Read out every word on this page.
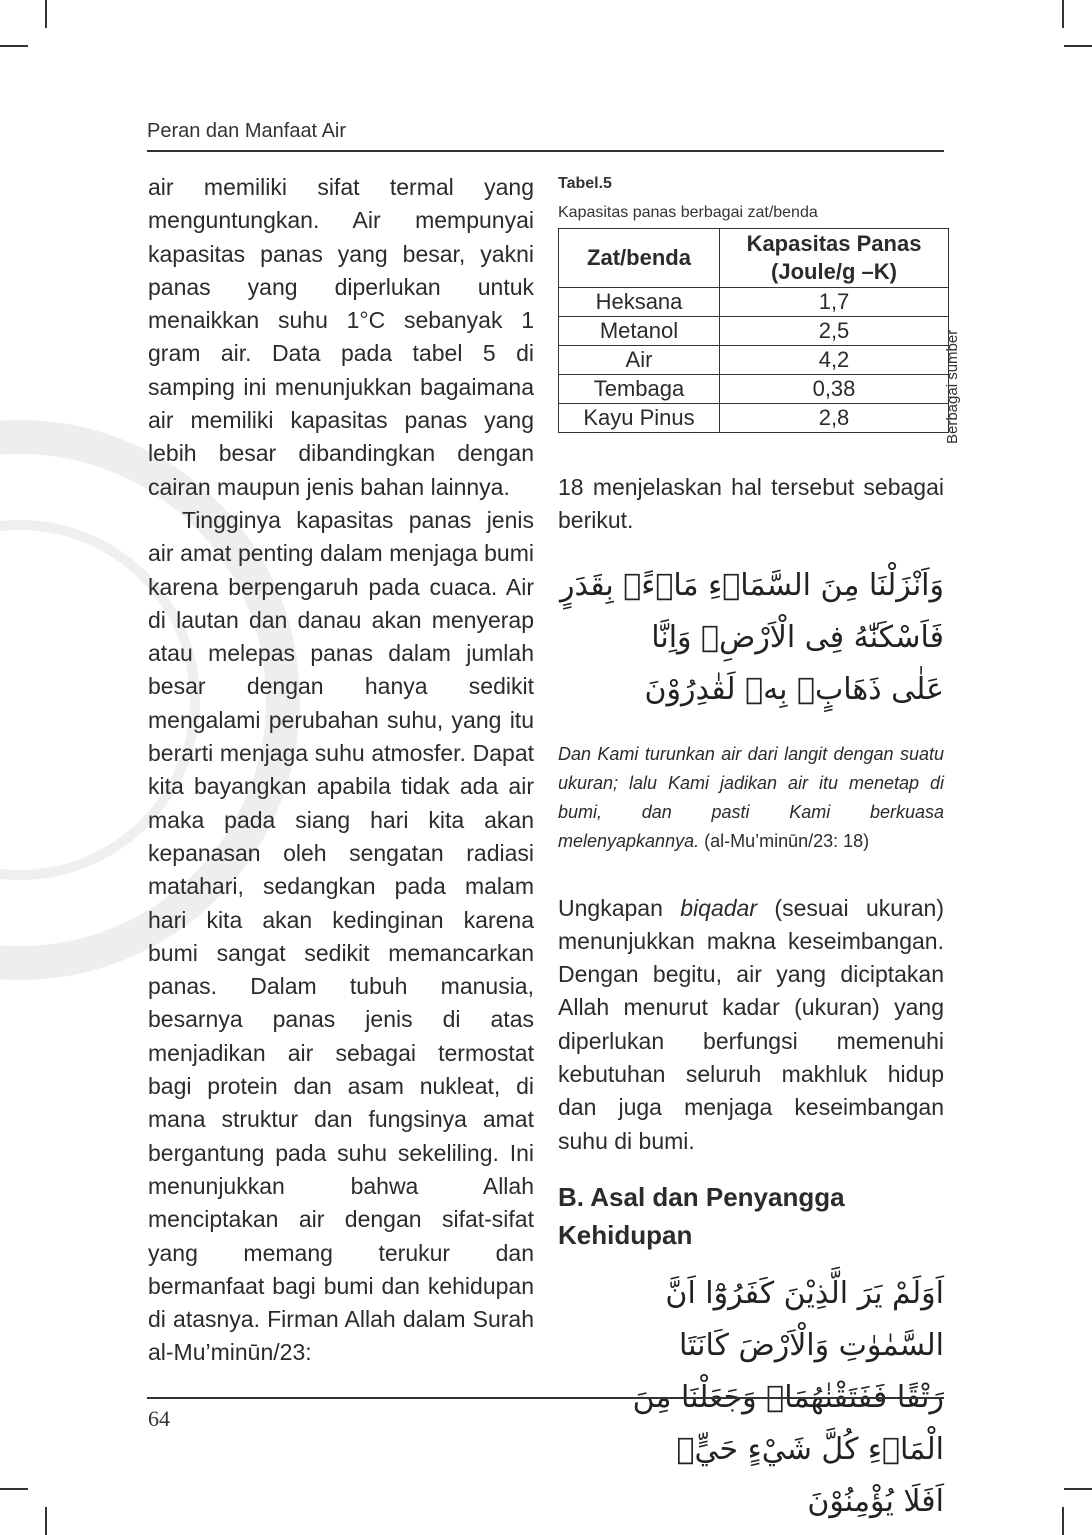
Peran dan Manfaat Air

air memiliki sifat termal yang menguntungkan. Air mempunyai kapasitas panas yang besar, yakni panas yang diperlukan untuk menaikkan suhu 1°C sebanyak 1 gram air. Data pada tabel 5 di samping ini menunjukkan bagaimana air memiliki kapasitas panas yang lebih besar dibandingkan dengan cairan maupun jenis bahan lainnya.

Tingginya kapasitas panas jenis air amat penting dalam menjaga bumi karena berpengaruh pada cuaca. Air di lautan dan danau akan menyerap atau melepas panas dalam jumlah besar dengan hanya sedikit mengalami perubahan suhu, yang itu berarti menjaga suhu atmosfer. Dapat kita bayangkan apabila tidak ada air maka pada siang hari kita akan kepanasan oleh sengatan radiasi matahari, sedangkan pada malam hari kita akan kedinginan karena bumi sangat sedikit memancarkan panas. Dalam tubuh manusia, besarnya panas jenis di atas menjadikan air sebagai termostat bagi protein dan asam nukleat, di mana struktur dan fungsinya amat bergantung pada suhu sekeliling. Ini menunjukkan bahwa Allah menciptakan air dengan sifat-sifat yang memang terukur dan bermanfaat bagi bumi dan kehidupan di atasnya. Firman Allah dalam Surah al-Mu’minūn/23:

Tabel.5

Kapasitas panas berbagai zat/benda

Zat/benda	Kapasitas Panas
(Joule/g –K)
Heksana	1,7
Metanol	2,5
Air	4,2
Tembaga	0,38
Kayu Pinus	2,8

18 menjelaskan hal tersebut sebagai berikut.

وَاَنْزَلْنَا مِنَ السَّمَاۤءِ مَاۤءًۢ بِقَدَرٍ فَاَسْكَنّٰهُ فِى الْاَرْضِۖ وَاِنَّا

عَلٰى ذَهَابٍۢ بِهٖ لَقٰدِرُوْنَ

Dan Kami turunkan air dari langit dengan suatu ukuran; lalu Kami jadikan air itu menetap di bumi, dan pasti Kami berkuasa melenyapkannya. (al-Mu’minūn/23: 18)

Ungkapan biqadar (sesuai ukuran) menunjukkan makna keseimbangan. Dengan begitu, air yang diciptakan Allah menurut kadar (ukuran) yang diperlukan berfungsi memenuhi kebutuhan seluruh makhluk hidup dan juga menjaga keseimbangan suhu di bumi.

B. Asal dan Penyangga
Kehidupan

اَوَلَمْ يَرَ الَّذِيْنَ كَفَرُوْٓا اَنَّ السَّمٰوٰتِ وَالْاَرْضَ كَانَتَا

رَتْقًا فَفَتَقْنٰهُمَاۗ وَجَعَلْنَا مِنَ الْمَاۤءِ كُلَّ شَيْءٍ حَيٍّۗ

اَفَلَا يُؤْمِنُوْنَ

Berbagai sumber
64
